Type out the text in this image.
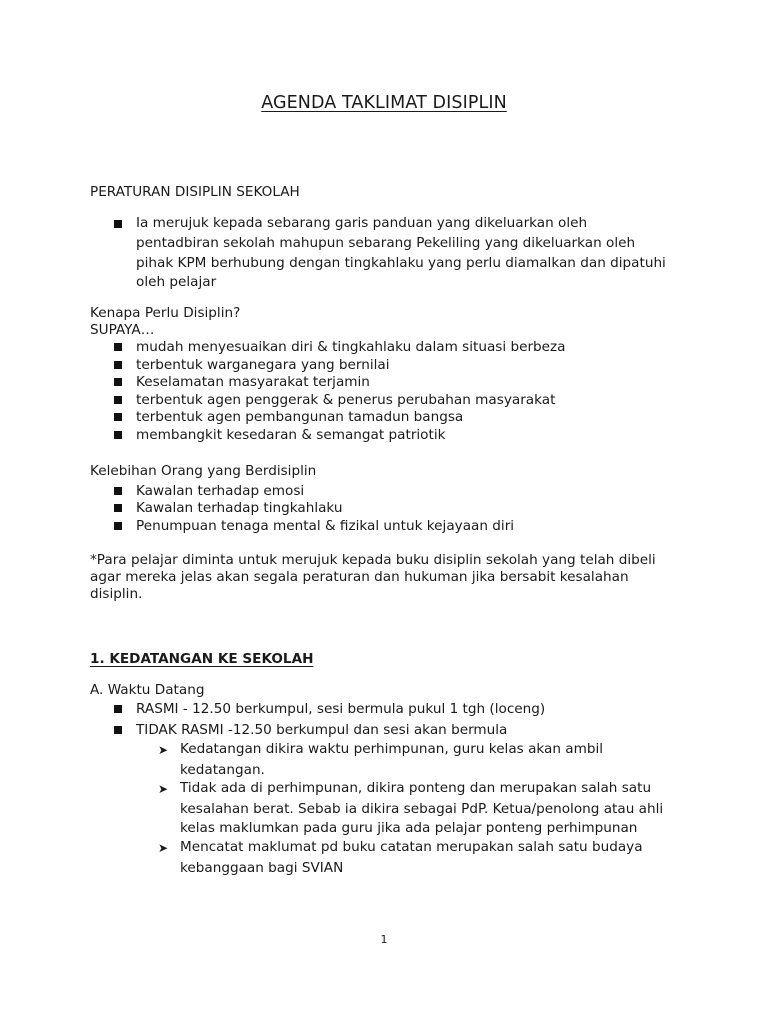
AGENDA TAKLIMAT DISIPLIN
PERATURAN DISIPLIN SEKOLAH
Ia merujuk kepada sebarang garis panduan yang dikeluarkan oleh
pentadbiran sekolah mahupun sebarang Pekeliling yang dikeluarkan oleh
pihak KPM berhubung dengan tingkahlaku yang perlu diamalkan dan dipatuhi
oleh pelajar
Kenapa Perlu Disiplin?
SUPAYA…
mudah menyesuaikan diri & tingkahlaku dalam situasi berbeza
terbentuk warganegara yang bernilai
Keselamatan masyarakat terjamin
terbentuk agen penggerak & penerus perubahan masyarakat
terbentuk agen pembangunan tamadun bangsa
membangkit kesedaran & semangat patriotik
Kelebihan Orang yang Berdisiplin
Kawalan terhadap emosi
Kawalan terhadap tingkahlaku
Penumpuan tenaga mental & fizikal untuk kejayaan diri
*Para pelajar diminta untuk merujuk kepada buku disiplin sekolah yang telah dibeli
agar mereka jelas akan segala peraturan dan hukuman jika bersabit kesalahan
disiplin.
1. KEDATANGAN KE SEKOLAH
A. Waktu Datang
RASMI - 12.50 berkumpul, sesi bermula pukul 1 tgh (loceng)
TIDAK RASMI -12.50 berkumpul dan sesi akan bermula
➤ Kedatangan dikira waktu perhimpunan, guru kelas akan ambil
kedatangan.
➤ Tidak ada di perhimpunan, dikira ponteng dan merupakan salah satu
kesalahan berat. Sebab ia dikira sebagai PdP. Ketua/penolong atau ahli
kelas maklumkan pada guru jika ada pelajar ponteng perhimpunan
➤ Mencatat maklumat pd buku catatan merupakan salah satu budaya
kebanggaan bagi SVIAN
1
